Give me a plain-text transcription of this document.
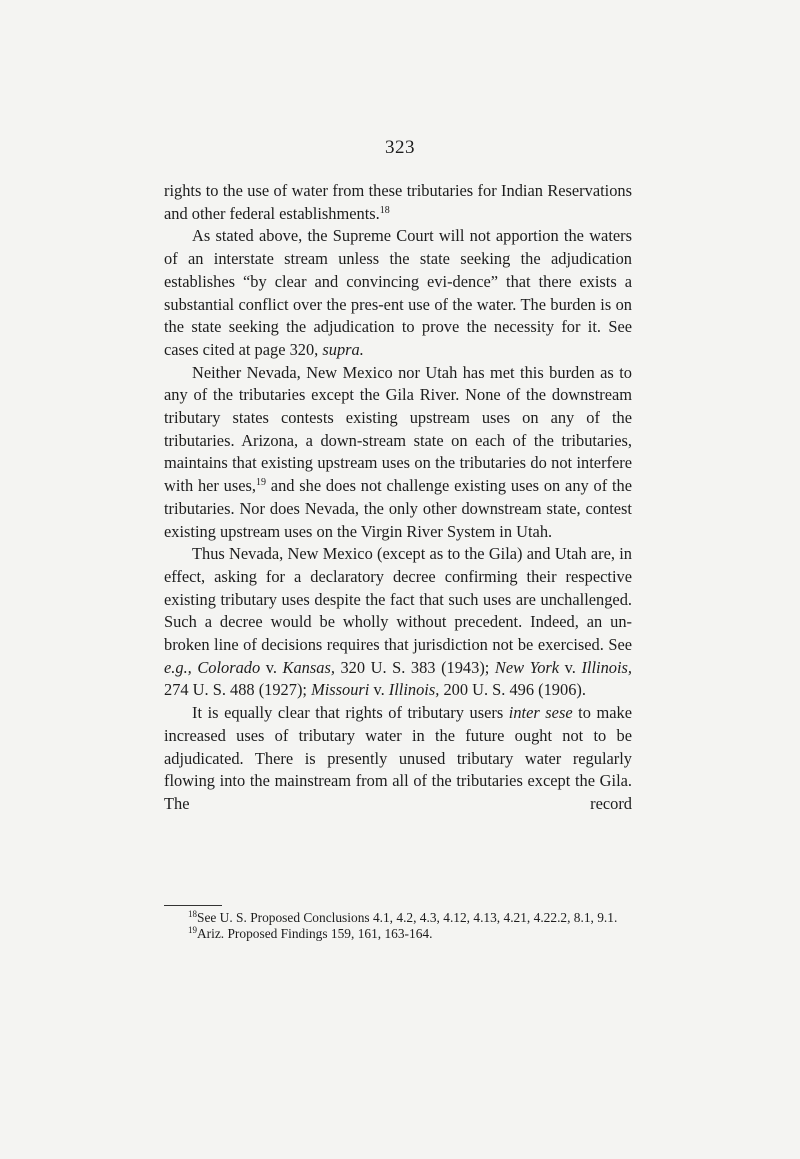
323

rights to the use of water from these tributaries for Indian Reservations and other federal establishments.$^{18}$

As stated above, the Supreme Court will not apportion the waters of an interstate stream unless the state seeking the adjudication establishes “by clear and convincing evi-dence” that there exists a substantial conflict over the pres-ent use of the water. The burden is on the state seeking the adjudication to prove the necessity for it. See cases cited at page 320, supra.

Neither Nevada, New Mexico nor Utah has met this burden as to any of the tributaries except the Gila River. None of the downstream tributary states contests existing upstream uses on any of the tributaries. Arizona, a down-stream state on each of the tributaries, maintains that existing upstream uses on the tributaries do not interfere with her uses,$^{19}$ and she does not challenge existing uses on any of the tributaries. Nor does Nevada, the only other downstream state, contest existing upstream uses on the Virgin River System in Utah.

Thus Nevada, New Mexico (except as to the Gila) and Utah are, in effect, asking for a declaratory decree confirming their respective existing tributary uses despite the fact that such uses are unchallenged. Such a decree would be wholly without precedent. Indeed, an un-broken line of decisions requires that jurisdiction not be exercised. See e.g., Colorado v. Kansas, 320 U. S. 383 (1943); New York v. Illinois, 274 U. S. 488 (1927); Missouri v. Illinois, 200 U. S. 496 (1906).

It is equally clear that rights of tributary users inter sese to make increased uses of tributary water in the future ought not to be adjudicated. There is presently unused tributary water regularly flowing into the mainstream from all of the tributaries except the Gila. The record

$^{18}$See U. S. Proposed Conclusions 4.1, 4.2, 4.3, 4.12, 4.13, 4.21, 4.22.2, 8.1, 9.1.

$^{19}$Ariz. Proposed Findings 159, 161, 163-164.
